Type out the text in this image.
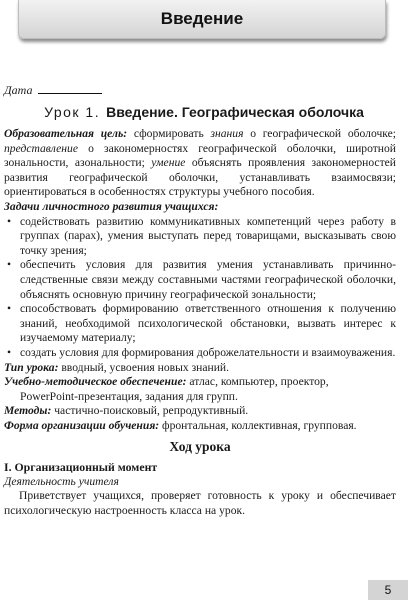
Введение
Дата
Урок 1. Введение. Географическая оболочка

Образовательная цель: сформировать знания о географической оболочке; представление о закономерностях географической оболочки, широтной зональности, азональности; умение объяснять проявления закономерностей развития географической оболочки, устанавливать взаимосвязи; ориентироваться в особенностях структуры учебного пособия.

Задачи личностного развития учащихся:

• содействовать развитию коммуникативных компетенций через работу в группах (парах), умения выступать перед товарищами, высказывать свою точку зрения;
• обеспечить условия для развития умения устанавливать причинно-следственные связи между составными частями географической оболочки, объяснять основную причину географической зональности;
• способствовать формированию ответственного отношения к получению знаний, необходимой психологической обстановки, вызвать интерес к изучаемому материалу;
• создать условия для формирования доброжелательности и взаимоуважения.

Тип урока: вводный, усвоения новых знаний.

Учебно-методическое обеспечение: атлас, компьютер, проектор,

PowerPoint-презентация, задания для групп.

Методы: частично-поисковый, репродуктивный.

Форма организации обучения: фронтальная, коллективная, групповая.

Ход урока

I. Организационный момент

Деятельность учителя

Приветствует учащихся, проверяет готовность к уроку и обеспечивает психологическую настроенность класса на урок.

5
